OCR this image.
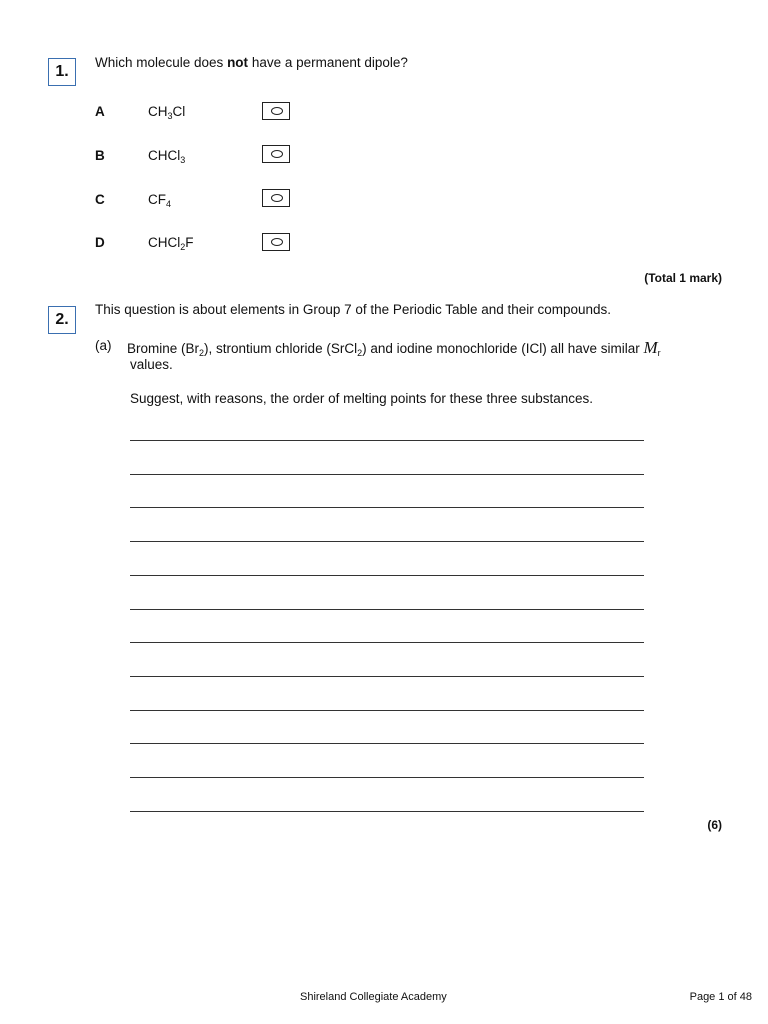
1.
Which molecule does not have a permanent dipole?
A	$CH_3Cl$
B	CHCl$_3$
C	$CF_4$
D	CHCl$_2$F
(Total 1 mark)
2.
This question is about elements in Group 7 of the Periodic Table and their compounds.
(a) Bromine $(Br_2)$, strontium chloride (SrCl$_2$) and iodine monochloride (ICl) all have similar $M_r$
values.
Suggest, with reasons, the order of melting points for these three substances.
(6)
Shireland Collegiate Academy	Page 1 of 48
